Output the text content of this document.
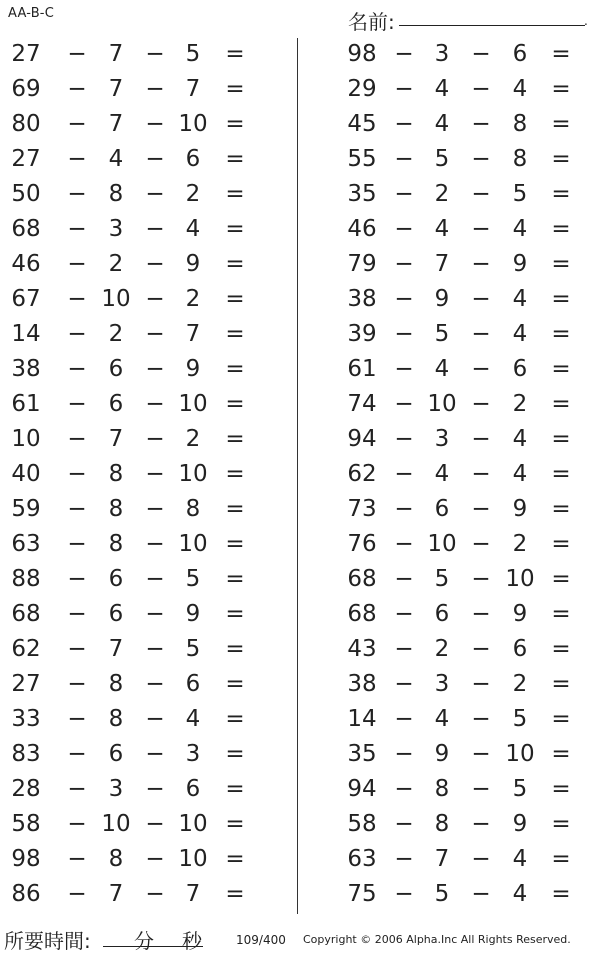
AA-B-C	名前:	.
27	− 7 − 5	=
69	− 7 − 7	=
80	− 7 − 10 =
27	− 4 − 6	=
50	− 8 − 2	=
68	− 3 − 4	=
46	− 2 − 9	=
67	− 10 − 2	=
14	− 2 − 7	=
38	− 6 − 9	=
61	− 6 − 10 =
10	− 7 − 2	=
40	− 8 − 10 =
59	− 8 − 8	=
63	− 8 − 10 =
88	− 6 − 5	=
68	− 6 − 9	=
62	− 7 − 5	=
27	− 8 − 6	=
33	− 8 − 4	=
83	− 6 − 3	=
28	− 3 − 6	=
58	− 10 − 10 =
98	− 8 − 10 =
86	− 7 − 7	=
98 − 3 − 6	=
29 − 4 − 4	=
45 − 4 − 8	=
55 − 5 − 8	=
35 − 2 − 5	=
46 − 4 − 4	=
79 − 7 − 9	=
38 − 9 − 4	=
39 − 5 − 4	=
61 − 4 − 6	=
74 − 10 − 2	=
94 − 3 − 4	=
62 − 4 − 4	=
73 − 6 − 9	=
76 − 10 − 2	=
68 − 5 − 10 =
68 − 6 − 9	=
43 − 2 − 6	=
38 − 3 − 2	=
14 − 4 − 5	=
35 − 9 − 10 =
94 − 8 − 5	=
58 − 8 − 9	=
63 − 7 − 4	=
75 − 5 − 4	=
所要時間: 分 秒	109/400 Copyright © 2006 Alpha.Inc All Rights Reserved.
